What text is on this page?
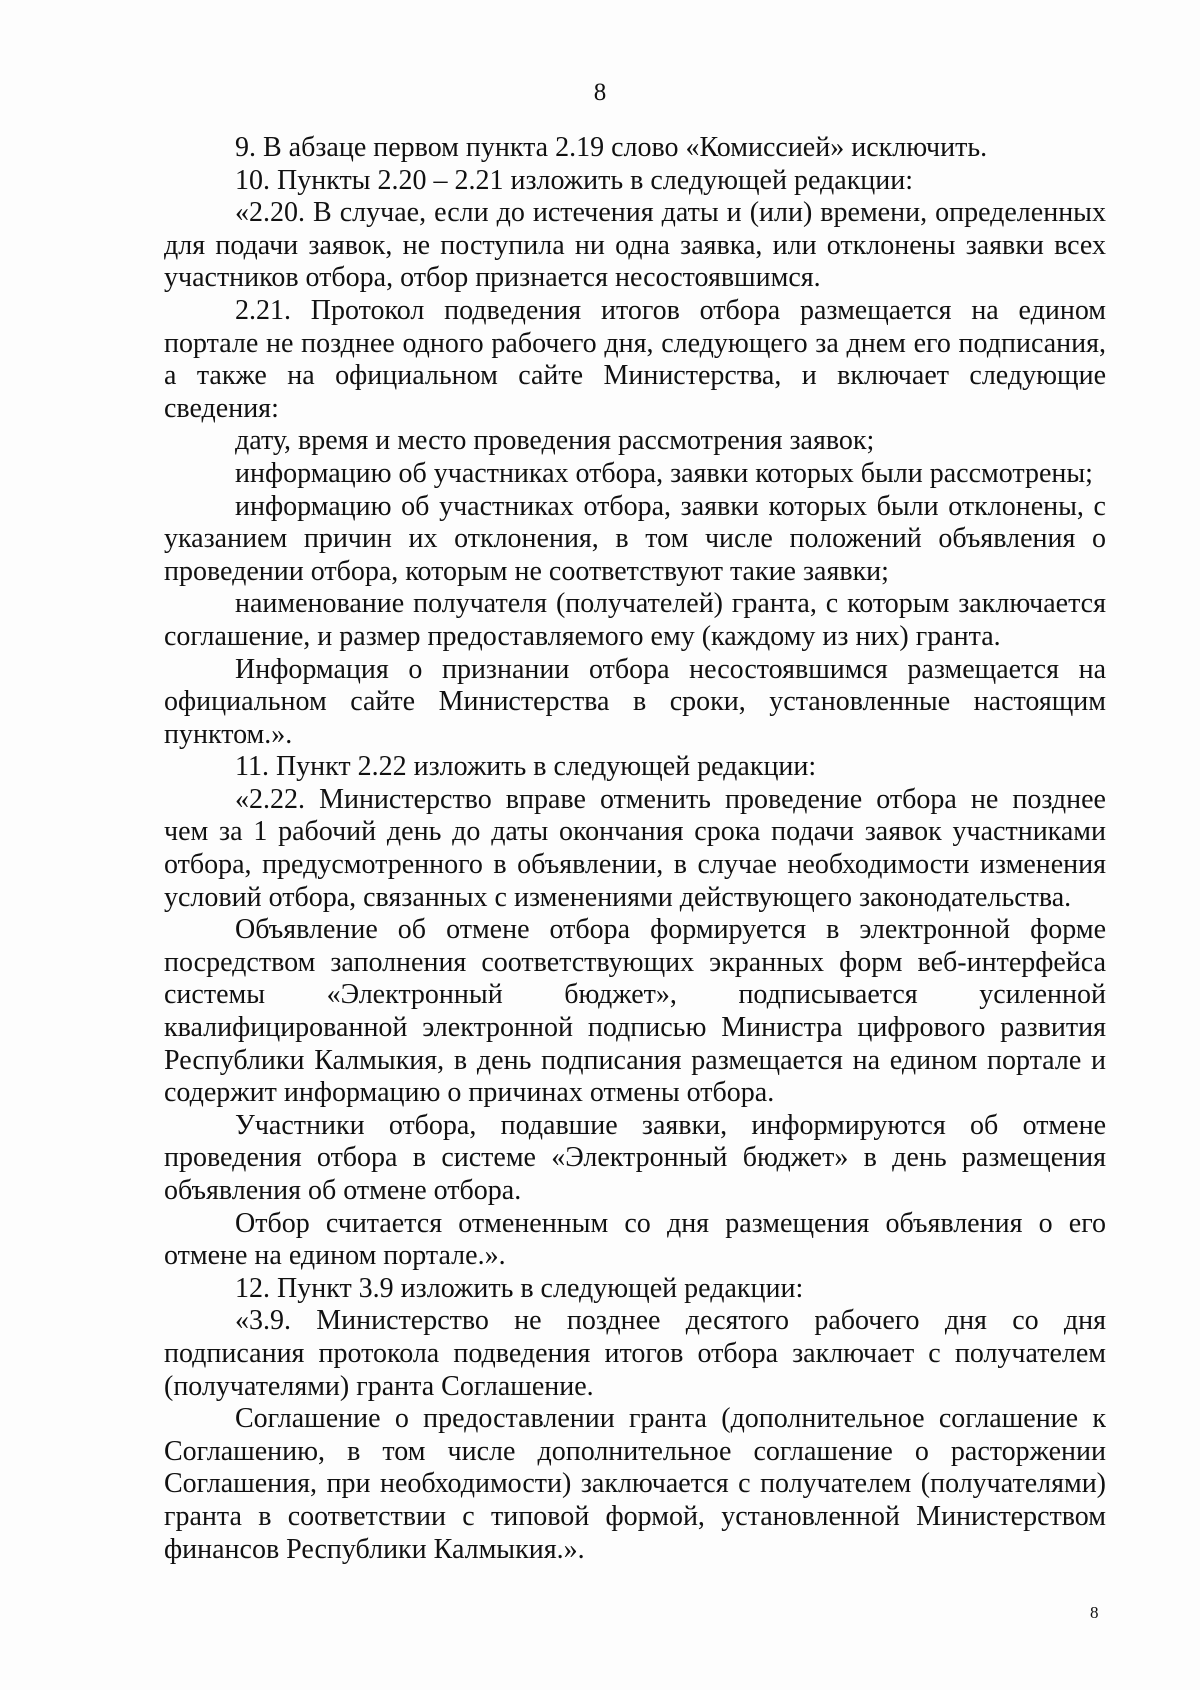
8

9. В абзаце первом пункта 2.19 слово «Комиссией» исключить.

10. Пункты 2.20 – 2.21 изложить в следующей редакции:

«2.20. В случае, если до истечения даты и (или) времени, определенных для подачи заявок, не поступила ни одна заявка, или отклонены заявки всех участников отбора, отбор признается несостоявшимся.

2.21. Протокол подведения итогов отбора размещается на едином портале не позднее одного рабочего дня, следующего за днем его подписания, а также на официальном сайте Министерства, и включает следующие сведения:

дату, время и место проведения рассмотрения заявок;

информацию об участниках отбора, заявки которых были рассмотрены;

информацию об участниках отбора, заявки которых были отклонены, с указанием причин их отклонения, в том числе положений объявления о проведении отбора, которым не соответствуют такие заявки;

наименование получателя (получателей) гранта, с которым заключается соглашение, и размер предоставляемого ему (каждому из них) гранта.

Информация о признании отбора несостоявшимся размещается на официальном сайте Министерства в сроки, установленные настоящим пунктом.».

11. Пункт 2.22 изложить в следующей редакции:

«2.22. Министерство вправе отменить проведение отбора не позднее чем за 1 рабочий день до даты окончания срока подачи заявок участниками отбора, предусмотренного в объявлении, в случае необходимости изменения условий отбора, связанных с изменениями действующего законодательства.

Объявление об отмене отбора формируется в электронной форме посредством заполнения соответствующих экранных форм веб-интерфейса системы «Электронный бюджет», подписывается усиленной квалифицированной электронной подписью Министра цифрового развития Республики Калмыкия, в день подписания размещается на едином портале и содержит информацию о причинах отмены отбора.

Участники отбора, подавшие заявки, информируются об отмене проведения отбора в системе «Электронный бюджет» в день размещения объявления об отмене отбора.

Отбор считается отмененным со дня размещения объявления о его отмене на едином портале.».

12. Пункт 3.9 изложить в следующей редакции:

«3.9. Министерство не позднее десятого рабочего дня со дня подписания протокола подведения итогов отбора заключает с получателем (получателями) гранта Соглашение.

Соглашение о предоставлении гранта (дополнительное соглашение к Соглашению, в том числе дополнительное соглашение о расторжении Соглашения, при необходимости) заключается с получателем (получателями) гранта в соответствии с типовой формой, установленной Министерством финансов Республики Калмыкия.».

8
